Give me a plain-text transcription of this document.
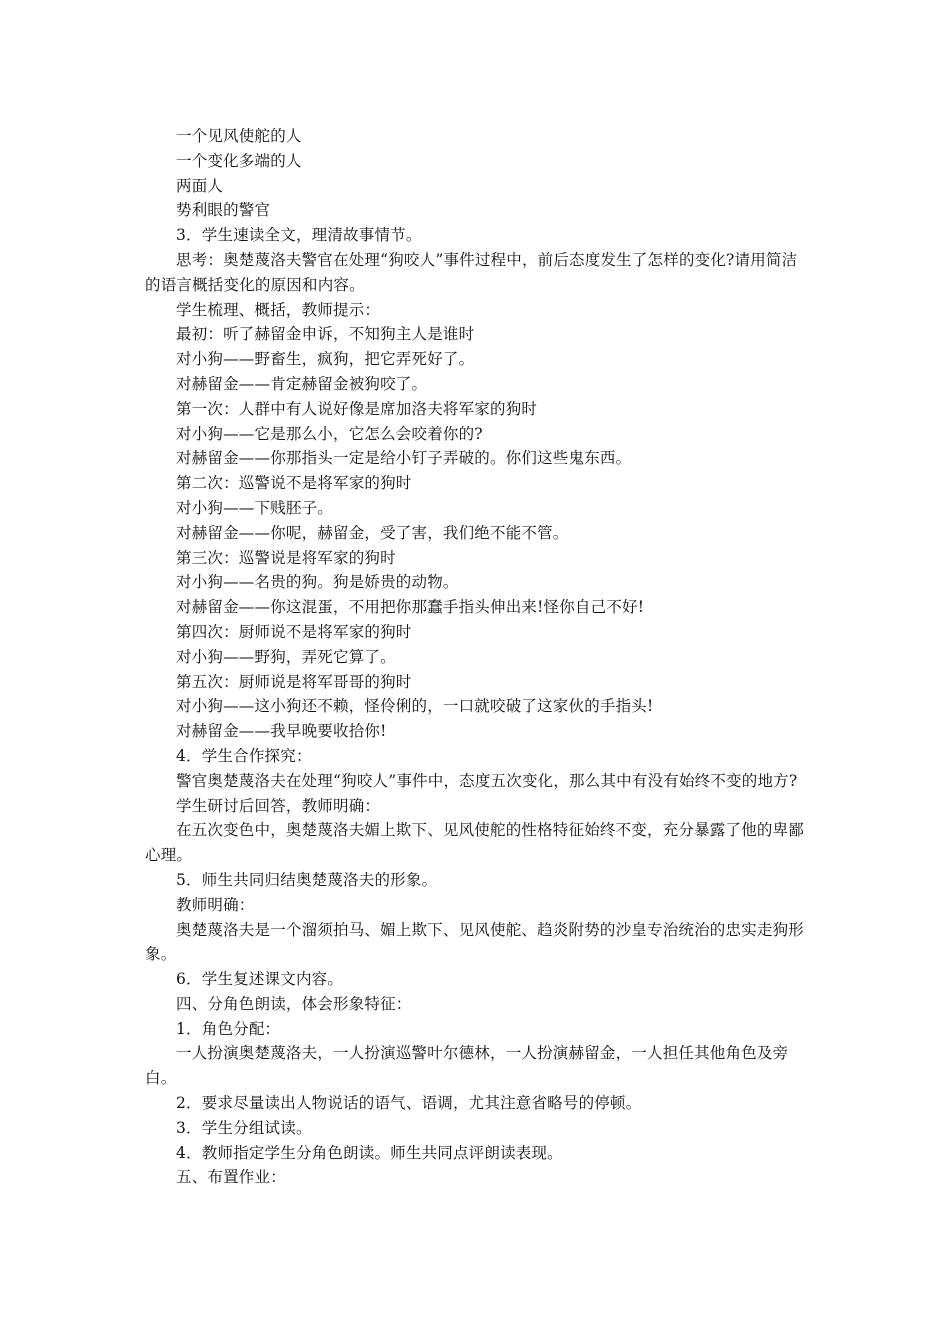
一个见风使舵的人

一个变化多端的人

两面人

势利眼的警官

3．学生速读全文，理清故事情节。

思考：奥楚蔑洛夫警官在处理“狗咬人”事件过程中，前后态度发生了怎样的变化?请用简洁的语言概括变化的原因和内容。

学生梳理、概括，教师提示：

最初：听了赫留金申诉，不知狗主人是谁时

对小狗——野畜生，疯狗，把它弄死好了。

对赫留金——肯定赫留金被狗咬了。

第一次：人群中有人说好像是席加洛夫将军家的狗时

对小狗——它是那么小，它怎么会咬着你的?

对赫留金——你那指头一定是给小钉子弄破的。你们这些鬼东西。

第二次：巡警说不是将军家的狗时

对小狗——下贱胚子。

对赫留金——你呢，赫留金，受了害，我们绝不能不管。

第三次：巡警说是将军家的狗时

对小狗——名贵的狗。狗是娇贵的动物。

对赫留金——你这混蛋，不用把你那蠢手指头伸出来!怪你自己不好!

第四次：厨师说不是将军家的狗时

对小狗——野狗，弄死它算了。

第五次：厨师说是将军哥哥的狗时

对小狗——这小狗还不赖，怪伶俐的，一口就咬破了这家伙的手指头!

对赫留金——我早晚要收拾你!

4．学生合作探究：

警官奥楚蔑洛夫在处理“狗咬人”事件中，态度五次变化，那么其中有没有始终不变的地方?

学生研讨后回答，教师明确：

在五次变色中，奥楚蔑洛夫媚上欺下、见风使舵的性格特征始终不变，充分暴露了他的卑鄙心理。

5．师生共同归结奥楚蔑洛夫的形象。

教师明确：

奥楚蔑洛夫是一个溜须拍马、媚上欺下、见风使舵、趋炎附势的沙皇专治统治的忠实走狗形象。

6．学生复述课文内容。

四、分角色朗读，体会形象特征：

1．角色分配：

一人扮演奥楚蔑洛夫，一人扮演巡警叶尔德林，一人扮演赫留金，一人担任其他角色及旁白。

2．要求尽量读出人物说话的语气、语调，尤其注意省略号的停顿。

3．学生分组试读。

4．教师指定学生分角色朗读。师生共同点评朗读表现。

五、布置作业：
